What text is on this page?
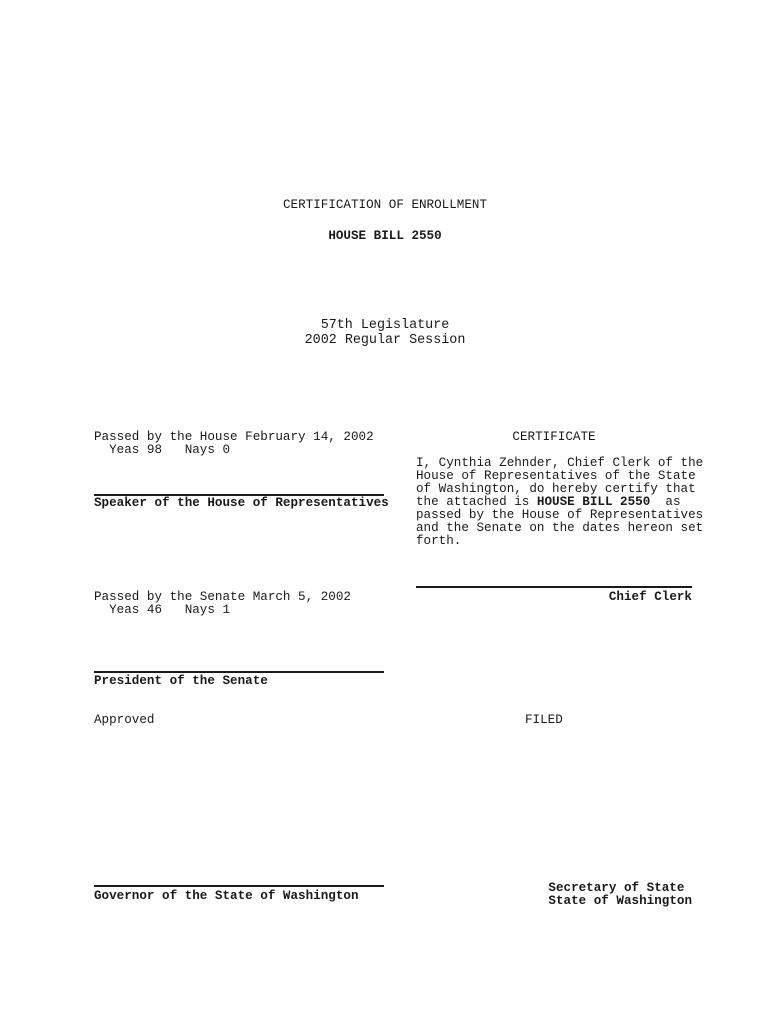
CERTIFICATION OF ENROLLMENT
HOUSE BILL 2550
57th Legislature
2002 Regular Session
Passed by the House February 14, 2002
Yeas 98   Nays 0
Speaker of the House of Representatives
CERTIFICATE
I, Cynthia Zehnder, Chief Clerk of the
House of Representatives of the State
of Washington, do hereby certify that
the attached is HOUSE BILL 2550  as
passed by the House of Representatives
and the Senate on the dates hereon set
forth.
Chief Clerk
Passed by the Senate March 5, 2002
Yeas 46   Nays 1
President of the Senate
Approved	FILED
Governor of the State of Washington
Secretary of State
State of Washington
